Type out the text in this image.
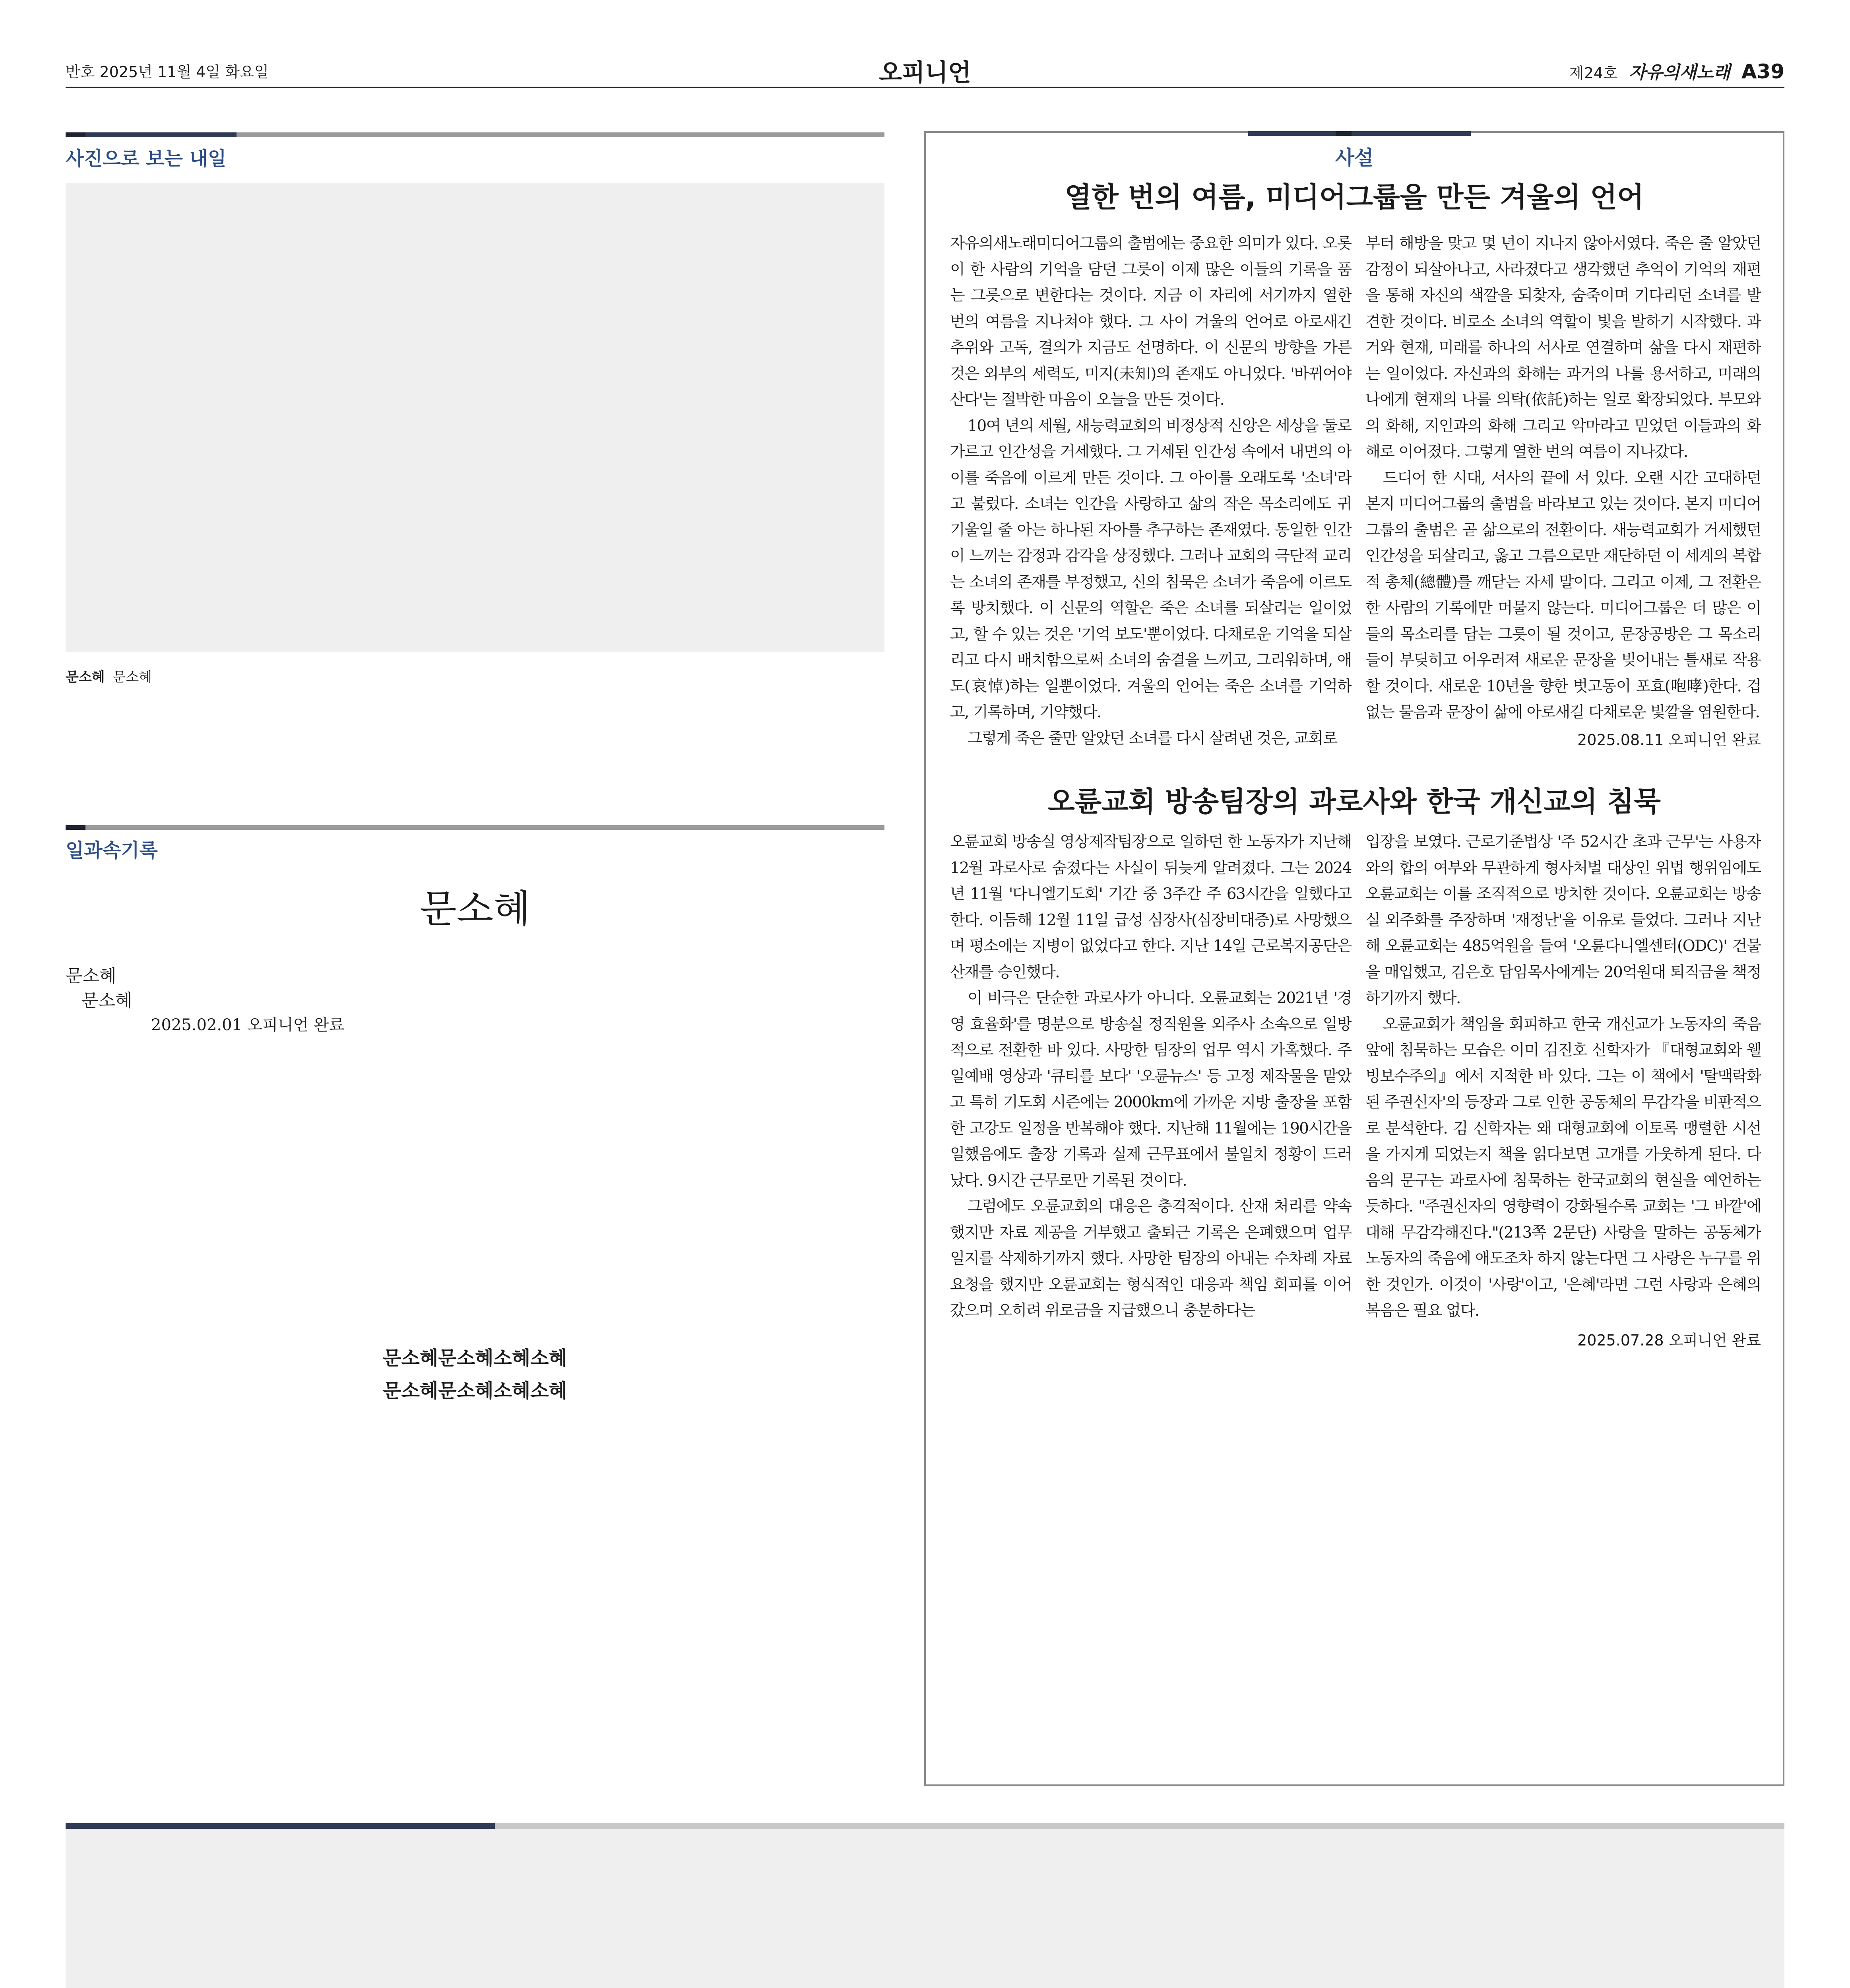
반호 2025년 11월 4일 화요일	오피니언	제24호 자유의새노래 A39
사진으로 보는 내일
문소혜 문소혜
일과속기록
문소혜
문소혜
문소혜
2025.02.01 오피니언 완료
문소혜문소혜소혜소혜
문소혜문소혜소혜소혜
사설
열한 번의 여름, 미디어그룹을 만든 겨울의 언어

자유의새노래미디어그룹의 출범에는 중요한 의미가 있다. 오롯이 한 사람의 기억을 담던 그릇이 이제 많은 이들의 기록을 품는 그릇으로 변한다는 것이다. 지금 이 자리에 서기까지 열한 번의 여름을 지나쳐야 했다. 그 사이 겨울의 언어로 아로새긴 추위와 고독, 결의가 지금도 선명하다. 이 신문의 방향을 가른 것은 외부의 세력도, 미지(未知)의 존재도 아니었다. '바뀌어야 산다'는 절박한 마음이 오늘을 만든 것이다.

10여 년의 세월, 새능력교회의 비정상적 신앙은 세상을 둘로 가르고 인간성을 거세했다. 그 거세된 인간성 속에서 내면의 아이를 죽음에 이르게 만든 것이다. 그 아이를 오래도록 '소녀'라고 불렀다. 소녀는 인간을 사랑하고 삶의 작은 목소리에도 귀 기울일 줄 아는 하나된 자아를 추구하는 존재였다. 동일한 인간이 느끼는 감정과 감각을 상징했다. 그러나 교회의 극단적 교리는 소녀의 존재를 부정했고, 신의 침묵은 소녀가 죽음에 이르도록 방치했다. 이 신문의 역할은 죽은 소녀를 되살리는 일이었고, 할 수 있는 것은 '기억 보도'뿐이었다. 다채로운 기억을 되살리고 다시 배치함으로써 소녀의 숨결을 느끼고, 그리워하며, 애도(哀悼)하는 일뿐이었다. 겨울의 언어는 죽은 소녀를 기억하고, 기록하며, 기약했다.

그렇게 죽은 줄만 알았던 소녀를 다시 살려낸 것은, 교회로

부터 해방을 맞고 몇 년이 지나지 않아서였다. 죽은 줄 알았던 감정이 되살아나고, 사라졌다고 생각했던 추억이 기억의 재편을 통해 자신의 색깔을 되찾자, 숨죽이며 기다리던 소녀를 발견한 것이다. 비로소 소녀의 역할이 빛을 발하기 시작했다. 과거와 현재, 미래를 하나의 서사로 연결하며 삶을 다시 재편하는 일이었다. 자신과의 화해는 과거의 나를 용서하고, 미래의 나에게 현재의 나를 의탁(依託)하는 일로 확장되었다. 부모와의 화해, 지인과의 화해 그리고 악마라고 믿었던 이들과의 화해로 이어졌다. 그렇게 열한 번의 여름이 지나갔다.

드디어 한 시대, 서사의 끝에 서 있다. 오랜 시간 고대하던 본지 미디어그룹의 출범을 바라보고 있는 것이다. 본지 미디어그룹의 출범은 곧 삶으로의 전환이다. 새능력교회가 거세했던 인간성을 되살리고, 옳고 그름으로만 재단하던 이 세계의 복합적 총체(總體)를 깨닫는 자세 말이다. 그리고 이제, 그 전환은 한 사람의 기록에만 머물지 않는다. 미디어그룹은 더 많은 이들의 목소리를 담는 그릇이 될 것이고, 문장공방은 그 목소리들이 부딪히고 어우러져 새로운 문장을 빚어내는 틀새로 작용할 것이다. 새로운 10년을 향한 벗고동이 포효(咆哮)한다. 겁없는 물음과 문장이 삶에 아로새길 다채로운 빛깔을 염원한다.

2025.08.11 오피니언 완료
오륜교회 방송팀장의 과로사와 한국 개신교의 침묵

오륜교회 방송실 영상제작팀장으로 일하던 한 노동자가 지난해 12월 과로사로 숨졌다는 사실이 뒤늦게 알려졌다. 그는 2024년 11월 '다니엘기도회' 기간 중 3주간 주 63시간을 일했다고 한다. 이듬해 12월 11일 급성 심장사(심장비대증)로 사망했으며 평소에는 지병이 없었다고 한다. 지난 14일 근로복지공단은 산재를 승인했다.

이 비극은 단순한 과로사가 아니다. 오륜교회는 2021년 '경영 효율화'를 명분으로 방송실 정직원을 외주사 소속으로 일방적으로 전환한 바 있다. 사망한 팀장의 업무 역시 가혹했다. 주일예배 영상과 '큐티를 보다' '오륜뉴스' 등 고정 제작물을 맡았고 특히 기도회 시즌에는 2000km에 가까운 지방 출장을 포함한 고강도 일정을 반복해야 했다. 지난해 11월에는 190시간을 일했음에도 출장 기록과 실제 근무표에서 불일치 정황이 드러났다. 9시간 근무로만 기록된 것이다.

그럼에도 오륜교회의 대응은 충격적이다. 산재 처리를 약속했지만 자료 제공을 거부했고 출퇴근 기록은 은폐했으며 업무일지를 삭제하기까지 했다. 사망한 팀장의 아내는 수차례 자료 요청을 했지만 오륜교회는 형식적인 대응과 책임 회피를 이어갔으며 오히려 위로금을 지급했으니 충분하다는

입장을 보였다. 근로기준법상 '주 52시간 초과 근무'는 사용자와의 합의 여부와 무관하게 형사처벌 대상인 위법 행위임에도 오륜교회는 이를 조직적으로 방치한 것이다. 오륜교회는 방송실 외주화를 주장하며 '재정난'을 이유로 들었다. 그러나 지난해 오륜교회는 485억원을 들여 '오륜다니엘센터(ODC)' 건물을 매입했고, 김은호 담임목사에게는 20억원대 퇴직금을 책정하기까지 했다.

오륜교회가 책임을 회피하고 한국 개신교가 노동자의 죽음 앞에 침묵하는 모습은 이미 김진호 신학자가 『대형교회와 웰빙보수주의』에서 지적한 바 있다. 그는 이 책에서 '탈맥락화된 주권신자'의 등장과 그로 인한 공동체의 무감각을 비판적으로 분석한다. 김 신학자는 왜 대형교회에 이토록 맹렬한 시선을 가지게 되었는지 책을 읽다보면 고개를 가웃하게 된다. 다음의 문구는 과로사에 침묵하는 한국교회의 현실을 예언하는 듯하다. "주권신자의 영향력이 강화될수록 교회는 '그 바깥'에 대해 무감각해진다."(213쪽 2문단) 사랑을 말하는 공동체가 노동자의 죽음에 애도조차 하지 않는다면 그 사랑은 누구를 위한 것인가. 이것이 '사랑'이고, '은혜'라면 그런 사랑과 은혜의 복음은 필요 없다.

2025.07.28 오피니언 완료
